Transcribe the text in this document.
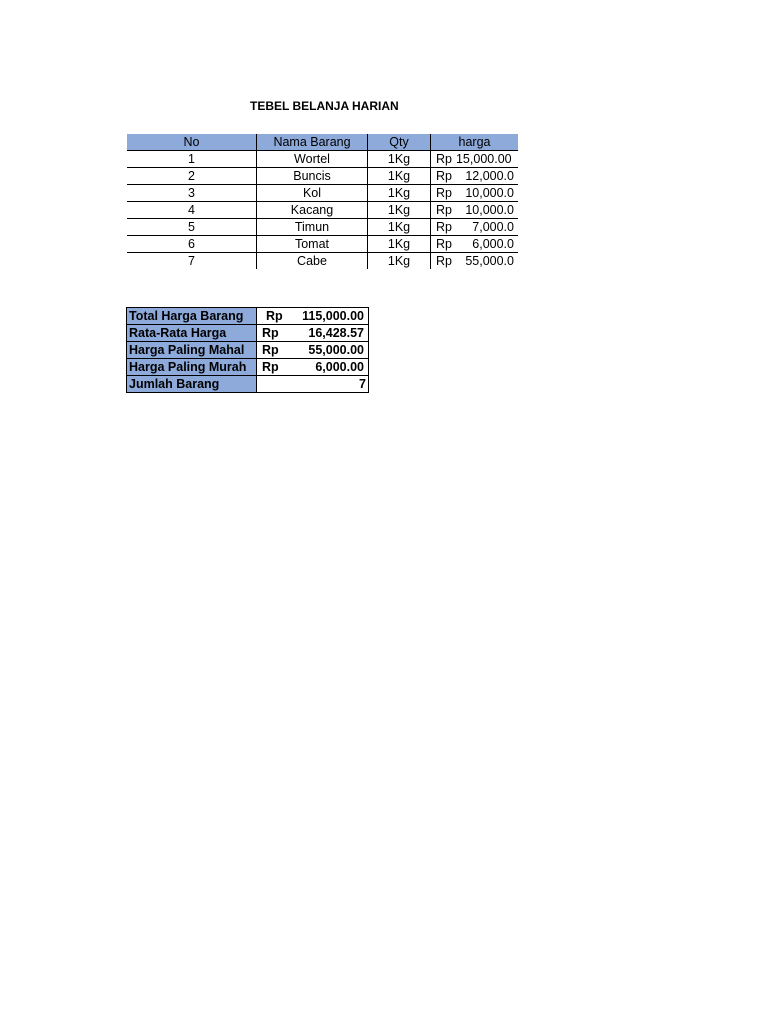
TEBEL BELANJA HARIAN
No	Nama Barang	Qty	harga
1	Wortel	1Kg	Rp 15,000.00

2	Buncis	1Kg	Rp 12,000.0

3	Kol	1Kg	Rp 10,000.0

4	Kacang	1Kg	Rp 10,000.0

5	Timun	1Kg	Rp 7,000.0

6	Tomat	1Kg	Rp 6,000.0

7	Cabe	1Kg	Rp 55,000.0
Total Harga Barang	Rp 115,000.00

Rata-Rata Harga	Rp 16,428.57

Harga Paling Mahal	Rp 55,000.00

Harga Paling Murah	Rp 6,000.00

Jumlah Barang	7
